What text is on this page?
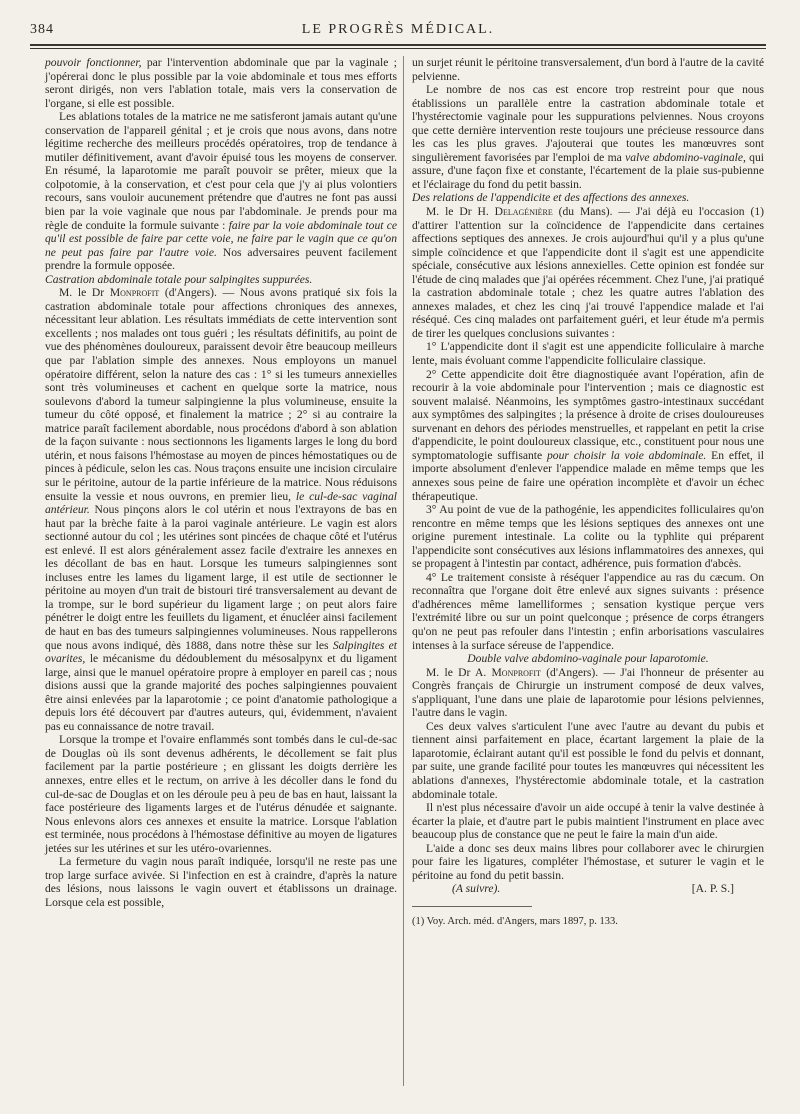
384	LE PROGRÈS MÉDICAL.

pouvoir fonctionner, par l'intervention abdominale que par la vaginale ; j'opérerai donc le plus possible par la voie abdominale et tous mes efforts seront dirigés, non vers l'ablation totale, mais vers la conservation de l'organe, si elle est possible.

Les ablations totales de la matrice ne me satisferont jamais autant qu'une conservation de l'appareil génital ; et je crois que nous avons, dans notre légitime recherche des meilleurs procédés opératoires, trop de tendance à mutiler définitivement, avant d'avoir épuisé tous les moyens de conserver. En résumé, la laparotomie me paraît pouvoir se prêter, mieux que la colpotomie, à la conservation, et c'est pour cela que j'y ai plus volontiers recours, sans vouloir aucunement prétendre que d'autres ne font pas aussi bien par la voie vaginale que nous par l'abdominale. Je prends pour ma règle de conduite la formule suivante : faire par la voie abdominale tout ce qu'il est possible de faire par cette voie, ne faire par le vagin que ce qu'on ne peut pas faire par l'autre voie. Nos adversaires peuvent facilement prendre la formule opposée.

Castration abdominale totale pour salpingites suppurées.

M. le Dr Monprofit (d'Angers). — Nous avons pratiqué six fois la castration abdominale totale pour affections chroniques des annexes, nécessitant leur ablation. Les résultats immédiats de cette intervention sont excellents ; nos malades ont tous guéri ; les résultats définitifs, au point de vue des phénomènes douloureux, paraissent devoir être beaucoup meilleurs que par l'ablation simple des annexes. Nous employons un manuel opératoire différent, selon la nature des cas : 1° si les tumeurs annexielles sont très volumineuses et cachent en quelque sorte la matrice, nous soulevons d'abord la tumeur salpingienne la plus volumineuse, ensuite la tumeur du côté opposé, et finalement la matrice ; 2° si au contraire la matrice paraît facilement abordable, nous procédons d'abord à son ablation de la façon suivante : nous sectionnons les ligaments larges le long du bord utérin, et nous faisons l'hémostase au moyen de pinces hémostatiques ou de pinces à pédicule, selon les cas. Nous traçons ensuite une incision circulaire sur le péritoine, autour de la partie inférieure de la matrice. Nous réduisons ensuite la vessie et nous ouvrons, en premier lieu, le cul-de-sac vaginal antérieur. Nous pinçons alors le col utérin et nous l'extrayons de bas en haut par la brèche faite à la paroi vaginale antérieure. Le vagin est alors sectionné autour du col ; les utérines sont pincées de chaque côté et l'utérus est enlevé. Il est alors généralement assez facile d'extraire les annexes en les décollant de bas en haut. Lorsque les tumeurs salpingiennes sont incluses entre les lames du ligament large, il est utile de sectionner le péritoine au moyen d'un trait de bistouri tiré transversalement au devant de la trompe, sur le bord supérieur du ligament large ; on peut alors faire pénétrer le doigt entre les feuillets du ligament, et énucléer ainsi facilement de haut en bas des tumeurs salpingiennes volumineuses. Nous rappellerons que nous avons indiqué, dès 1888, dans notre thèse sur les Salpingites et ovarites, le mécanisme du dédoublement du mésosalpynx et du ligament large, ainsi que le manuel opératoire propre à employer en pareil cas ; nous disions aussi que la grande majorité des poches salpingiennes pouvaient être ainsi enlevées par la laparotomie ; ce point d'anatomie pathologique a depuis lors été découvert par d'autres auteurs, qui, évidemment, n'avaient pas eu connaissance de notre travail.

Lorsque la trompe et l'ovaire enflammés sont tombés dans le cul-de-sac de Douglas où ils sont devenus adhérents, le décollement se fait plus facilement par la partie postérieure ; en glissant les doigts derrière les annexes, entre elles et le rectum, on arrive à les décoller dans le fond du cul-de-sac de Douglas et on les déroule peu à peu de bas en haut, laissant la face postérieure des ligaments larges et de l'utérus dénudée et saignante. Nous enlevons alors ces annexes et ensuite la matrice. Lorsque l'ablation est terminée, nous procédons à l'hémostase définitive au moyen de ligatures jetées sur les utérines et sur les utéro-ovariennes.

La fermeture du vagin nous paraît indiquée, lorsqu'il ne reste pas une trop large surface avivée. Si l'infection en est à craindre, d'après la nature des lésions, nous laissons le vagin ouvert et établissons un drainage. Lorsque cela est possible,

un surjet réunit le péritoine transversalement, d'un bord à l'autre de la cavité pelvienne.

Le nombre de nos cas est encore trop restreint pour que nous établissions un parallèle entre la castration abdominale totale et l'hystérectomie vaginale pour les suppurations pelviennes. Nous croyons que cette dernière intervention reste toujours une précieuse ressource dans les cas les plus graves. J'ajouterai que toutes les manœuvres sont singulièrement favorisées par l'emploi de ma valve abdomino-vaginale, qui assure, d'une façon fixe et constante, l'écartement de la plaie sus-pubienne et l'éclairage du fond du petit bassin.

Des relations de l'appendicite et des affections des annexes.

M. le Dr H. Delagénière (du Mans). — J'ai déjà eu l'occasion (1) d'attirer l'attention sur la coïncidence de l'appendicite dans certaines affections septiques des annexes. Je crois aujourd'hui qu'il y a plus qu'une simple coïncidence et que l'appendicite dont il s'agit est une appendicite spéciale, consécutive aux lésions annexielles. Cette opinion est fondée sur l'étude de cinq malades que j'ai opérées récemment. Chez l'une, j'ai pratiqué la castration abdominale totale ; chez les quatre autres l'ablation des annexes malades, et chez les cinq j'ai trouvé l'appendice malade et l'ai réséqué. Ces cinq malades ont parfaitement guéri, et leur étude m'a permis de tirer les quelques conclusions suivantes :

1° L'appendicite dont il s'agit est une appendicite folliculaire à marche lente, mais évoluant comme l'appendicite folliculaire classique.

2° Cette appendicite doit être diagnostiquée avant l'opération, afin de recourir à la voie abdominale pour l'intervention ; mais ce diagnostic est souvent malaisé. Néanmoins, les symptômes gastro-intestinaux succédant aux symptômes des salpingites ; la présence à droite de crises douloureuses survenant en dehors des périodes menstruelles, et rappelant en petit la crise d'appendicite, le point douloureux classique, etc., constituent pour nous une symptomatologie suffisante pour choisir la voie abdominale. En effet, il importe absolument d'enlever l'appendice malade en même temps que les annexes sous peine de faire une opération incomplète et d'avoir un échec thérapeutique.

3° Au point de vue de la pathogénie, les appendicites folliculaires qu'on rencontre en même temps que les lésions septiques des annexes ont une origine purement intestinale. La colite ou la typhlite qui préparent l'appendicite sont consécutives aux lésions inflammatoires des annexes, qui se propagent à l'intestin par contact, adhérence, puis formation d'abcès.

4° Le traitement consiste à réséquer l'appendice au ras du cæcum. On reconnaîtra que l'organe doit être enlevé aux signes suivants : présence d'adhérences même lamelliformes ; sensation kystique perçue vers l'extrémité libre ou sur un point quelconque ; présence de corps étrangers qu'on ne peut pas refouler dans l'intestin ; enfin arborisations vasculaires intenses à la surface séreuse de l'appendice.

Double valve abdomino-vaginale pour laparotomie.

M. le Dr A. Monprofit (d'Angers). — J'ai l'honneur de présenter au Congrès français de Chirurgie un instrument composé de deux valves, s'appliquant, l'une dans une plaie de laparotomie pour lésions pelviennes, l'autre dans le vagin.

Ces deux valves s'articulent l'une avec l'autre au devant du pubis et tiennent ainsi parfaitement en place, écartant largement la plaie de la laparotomie, éclairant autant qu'il est possible le fond du pelvis et donnant, par suite, une grande facilité pour toutes les manœuvres qui nécessitent les ablations d'annexes, l'hystérectomie abdominale totale, et la castration abdominale totale.

Il n'est plus nécessaire d'avoir un aide occupé à tenir la valve destinée à écarter la plaie, et d'autre part le pubis maintient l'instrument en place avec beaucoup plus de constance que ne peut le faire la main d'un aide.

L'aide a donc ses deux mains libres pour collaborer avec le chirurgien pour faire les ligatures, compléter l'hémostase, et suturer le vagin et le péritoine au fond du petit bassin.

(A suivre).	[A. P. S.]

(1) Voy. Arch. méd. d'Angers, mars 1897, p. 133.
